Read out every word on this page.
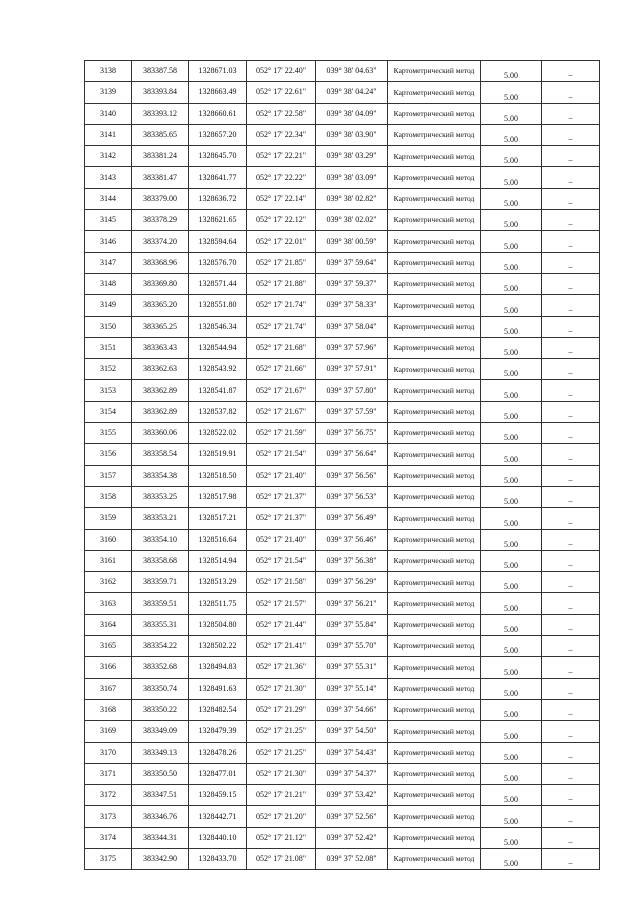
3138	383387.58	1328671.03	052° 17' 22.40"	039° 38' 04.63"	Картометрический метод	5.00	–
3139	383393.84	1328663.49	052° 17' 22.61"	039° 38' 04.24"	Картометрический метод	5.00	–
3140	383393.12	1328660.61	052° 17' 22.58"	039° 38' 04.09"	Картометрический метод	5.00	–
3141	383385.65	1328657.20	052° 17' 22.34"	039° 38' 03.90"	Картометрический метод	5.00	–
3142	383381.24	1328645.70	052° 17' 22.21"	039° 38' 03.29"	Картометрический метод	5.00	–
3143	383381.47	1328641.77	052° 17' 22.22"	039° 38' 03.09"	Картометрический метод	5.00	–
3144	383379.00	1328636.72	052° 17' 22.14"	039° 38' 02.82"	Картометрический метод	5.00	–
3145	383378.29	1328621.65	052° 17' 22.12"	039° 38' 02.02"	Картометрический метод	5.00	–
3146	383374.20	1328594.64	052° 17' 22.01"	039° 38' 00.59"	Картометрический метод	5.00	–
3147	383368.96	1328576.70	052° 17' 21.85"	039° 37' 59.64"	Картометрический метод	5.00	–
3148	383369.80	1328571.44	052° 17' 21.88"	039° 37' 59.37"	Картометрический метод	5.00	–
3149	383365.20	1328551.80	052° 17' 21.74"	039° 37' 58.33"	Картометрический метод	5.00	–
3150	383365.25	1328546.34	052° 17' 21.74"	039° 37' 58.04"	Картометрический метод	5.00	–
3151	383363.43	1328544.94	052° 17' 21.68"	039° 37' 57.96"	Картометрический метод	5.00	–
3152	383362.63	1328543.92	052° 17' 21.66"	039° 37' 57.91"	Картометрический метод	5.00	–
3153	383362.89	1328541.87	052° 17' 21.67"	039° 37' 57.80"	Картометрический метод	5.00	–
3154	383362.89	1328537.82	052° 17' 21.67"	039° 37' 57.59"	Картометрический метод	5.00	–
3155	383360.06	1328522.02	052° 17' 21.59"	039° 37' 56.75"	Картометрический метод	5.00	–
3156	383358.54	1328519.91	052° 17' 21.54"	039° 37' 56.64"	Картометрический метод	5.00	–
3157	383354.38	1328518.50	052° 17' 21.40"	039° 37' 56.56"	Картометрический метод	5.00	–
3158	383353.25	1328517.98	052° 17' 21.37"	039° 37' 56.53"	Картометрический метод	5.00	–
3159	383353.21	1328517.21	052° 17' 21.37"	039° 37' 56.49"	Картометрический метод	5.00	–
3160	383354.10	1328516.64	052° 17' 21.40"	039° 37' 56.46"	Картометрический метод	5.00	–
3161	383358.68	1328514.94	052° 17' 21.54"	039° 37' 56.38"	Картометрический метод	5.00	–
3162	383359.71	1328513.29	052° 17' 21.58"	039° 37' 56.29"	Картометрический метод	5.00	–
3163	383359.51	1328511.75	052° 17' 21.57"	039° 37' 56.21"	Картометрический метод	5.00	–
3164	383355.31	1328504.80	052° 17' 21.44"	039° 37' 55.84"	Картометрический метод	5.00	–
3165	383354.22	1328502.22	052° 17' 21.41"	039° 37' 55.70"	Картометрический метод	5.00	–
3166	383352.68	1328494.83	052° 17' 21.36"	039° 37' 55.31"	Картометрический метод	5.00	–
3167	383350.74	1328491.63	052° 17' 21.30"	039° 37' 55.14"	Картометрический метод	5.00	–
3168	383350.22	1328482.54	052° 17' 21.29"	039° 37' 54.66"	Картометрический метод	5.00	–
3169	383349.09	1328479.39	052° 17' 21.25"	039° 37' 54.50"	Картометрический метод	5.00	–
3170	383349.13	1328478.26	052° 17' 21.25"	039° 37' 54.43"	Картометрический метод	5.00	–
3171	383350.50	1328477.01	052° 17' 21.30"	039° 37' 54.37"	Картометрический метод	5.00	–
3172	383347.51	1328459.15	052° 17' 21.21"	039° 37' 53.42"	Картометрический метод	5.00	–
3173	383346.76	1328442.71	052° 17' 21.20"	039° 37' 52.56"	Картометрический метод	5.00	–
3174	383344.31	1328440.10	052° 17' 21.12"	039° 37' 52.42"	Картометрический метод	5.00	–
3175	383342.90	1328433.70	052° 17' 21.08"	039° 37' 52.08"	Картометрический метод	5.00	–
